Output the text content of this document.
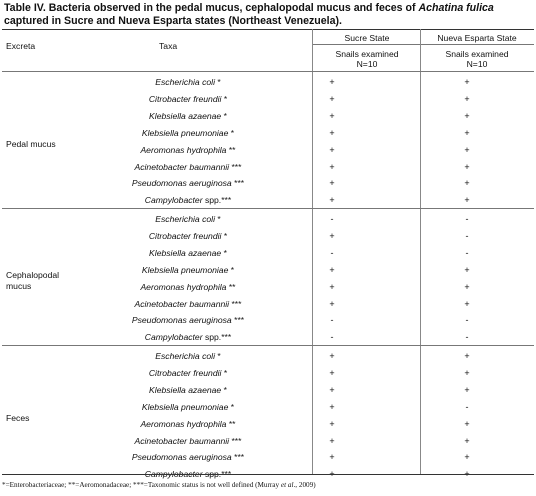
Table IV. Bacteria observed in the pedal mucus, cephalopodal mucus and feces of Achatina fulica captured in Sucre and Nueva Esparta states (Northeast Venezuela).
Excreta	Taxa
Sucre State	Nueva Esparta State
Snails examined
N=10
Snails examined
N=10
Pedal mucus
Escherichia coli *	+	+
Citrobacter freundii *	+	+
Klebsiella azaenae *	+	+
Klebsiella pneumoniae *	+	+
Aeromonas hydrophila **	+	+
Acinetobacter baumannii ***	+	+
Pseudomonas aeruginosa ***	+	+
Campylobacter spp.***	+	+
Cephalopodal
mucus
Escherichia coli *	-	-
Citrobacter freundii *	+	-
Klebsiella azaenae *	-	-
Klebsiella pneumoniae *	+	+
Aeromonas hydrophila **	+	+
Acinetobacter baumannii ***	+	+
Pseudomonas aeruginosa ***	-	-
Campylobacter spp.***	-	-
Feces
Escherichia coli *	+	+
Citrobacter freundii *	+	+
Klebsiella azaenae *	+	+
Klebsiella pneumoniae *	+	-
Aeromonas hydrophila **	+	+
Acinetobacter baumannii ***	+	+
Pseudomonas aeruginosa ***	+	+
Campylobacter spp.***	+	+
*=Enterobacteriaceae; **=Aeromonadaceae; ***=Taxonomic status is not well defined (Murray et al., 2009)
